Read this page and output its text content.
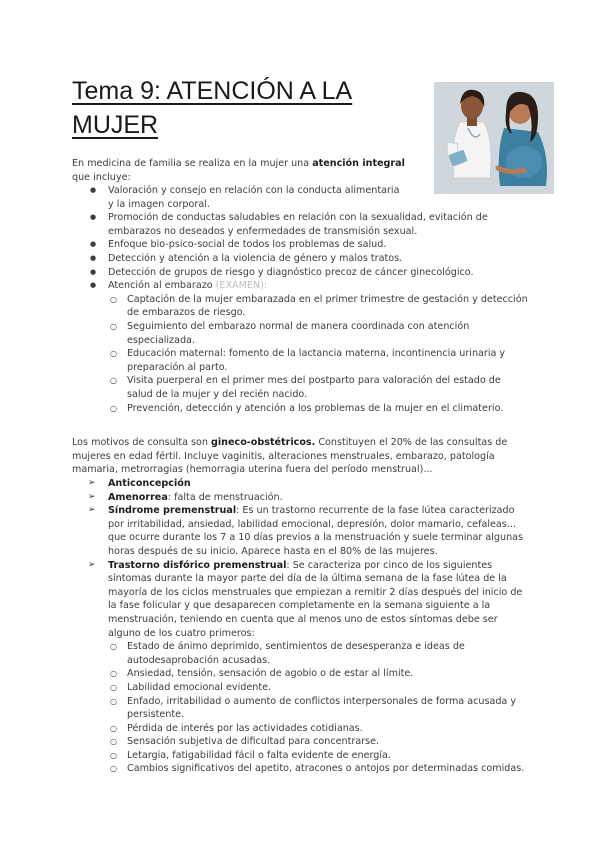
Tema 9: ATENCIÓN A LA MUJER
En medicina de familia se realiza en la mujer una atención integral que incluye:
● Valoración y consejo en relación con la conducta alimentaria y la imagen corporal.
● Promoción de conductas saludables en relación con la sexualidad, evitación de embarazos no deseados y enfermedades de transmisión sexual.
● Enfoque bio-psico-social de todos los problemas de salud.
● Detección y atención a la violencia de género y malos tratos.
● Detección de grupos de riesgo y diagnóstico precoz de cáncer ginecológico.
● Atención al embarazo (EXAMEN):
○ Captación de la mujer embarazada en el primer trimestre de gestación y detección de embarazos de riesgo.
○ Seguimiento del embarazo normal de manera coordinada con atención especializada.
○ Educación maternal: fomento de la lactancia materna, incontinencia urinaria y preparación al parto.
○ Visita puerperal en el primer mes del postparto para valoración del estado de salud de la mujer y del recién nacido.
○ Prevención, detección y atención a los problemas de la mujer en el climaterio.
Los motivos de consulta son gineco-obstétricos. Constituyen el 20% de las consultas de mujeres en edad fértil. Incluye vaginitis, alteraciones menstruales, embarazo, patología mamaria, metrorragias (hemorragia uterina fuera del período menstrual)...
➢ Anticoncepción
➢ Amenorrea: falta de menstruación.
➢ Síndrome premenstrual: Es un trastorno recurrente de la fase lútea caracterizado por irritabilidad, ansiedad, labilidad emocional, depresión, dolor mamario, cefaleas... que ocurre durante los 7 a 10 días previos a la menstruación y suele terminar algunas horas después de su inicio. Aparece hasta en el 80% de las mujeres.
➢ Trastorno disfórico premenstrual: Se caracteriza por cinco de los siguientes síntomas durante la mayor parte del día de la última semana de la fase lútea de la mayoría de los ciclos menstruales que empiezan a remitir 2 días después del inicio de la fase folicular y que desaparecen completamente en la semana siguiente a la menstruación, teniendo en cuenta que al menos uno de estos síntomas debe ser alguno de los cuatro primeros:
○ Estado de ánimo deprimido, sentimientos de desesperanza e ideas de autodesaprobación acusadas.
○ Ansiedad, tensión, sensación de agobio o de estar al límite.
○ Labilidad emocional evidente.
○ Enfado, irritabilidad o aumento de conflictos interpersonales de forma acusada y persistente.
○ Pérdida de interés por las actividades cotidianas.
○ Sensación subjetiva de dificultad para concentrarse.
○ Letargia, fatigabilidad fácil o falta evidente de energía.
○ Cambios significativos del apetito, atracones o antojos por determinadas comidas.
